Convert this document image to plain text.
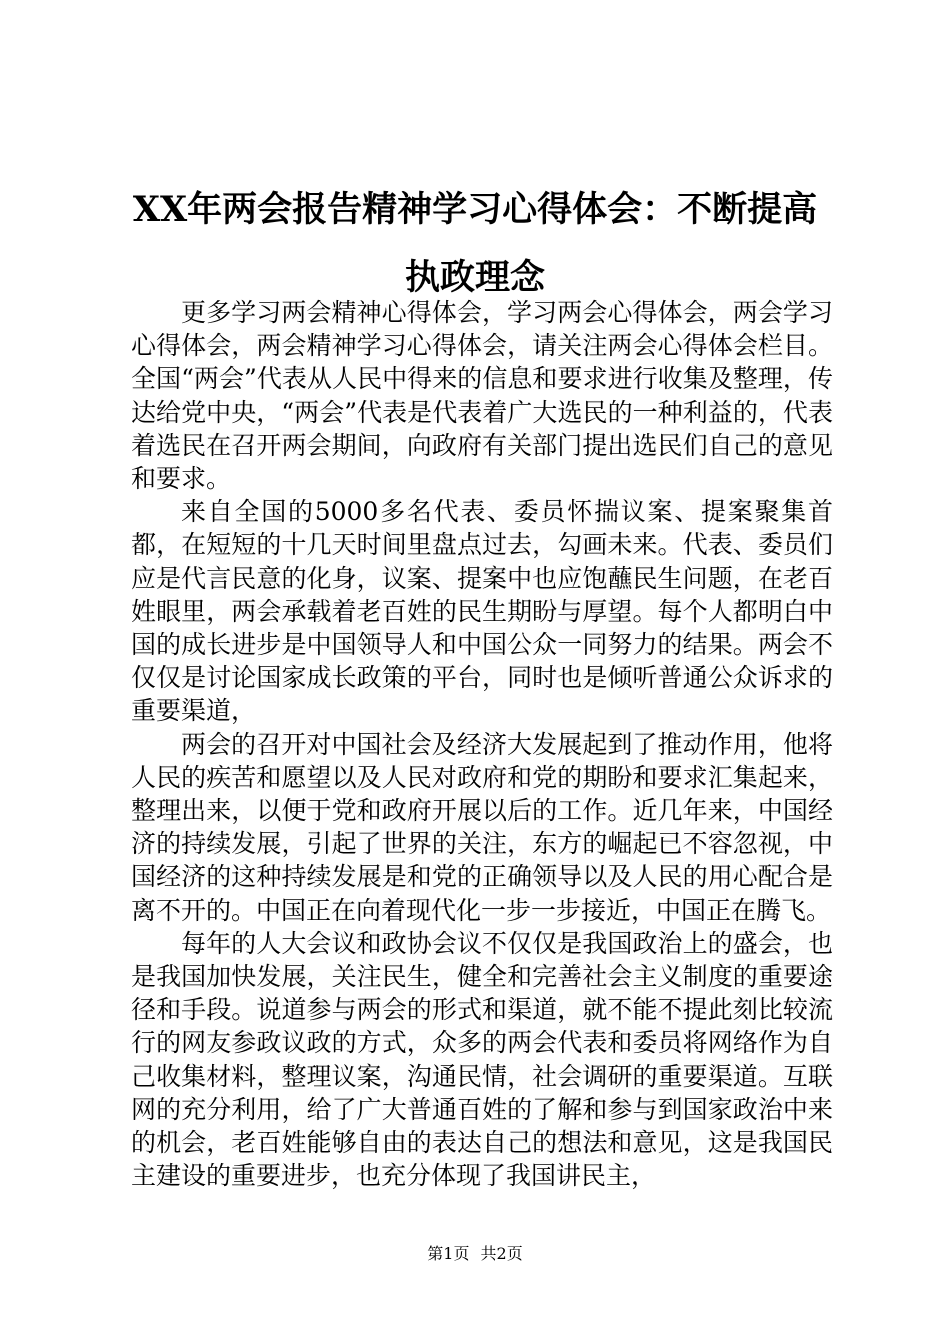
XX年两会报告精神学习心得体会：不断提高执政理念

更多学习两会精神心得体会，学习两会心得体会，两会学习心得体会，两会精神学习心得体会，请关注两会心得体会栏目。全国“两会”代表从人民中得来的信息和要求进行收集及整理，传达给党中央，“两会”代表是代表着广大选民的一种利益的，代表着选民在召开两会期间，向政府有关部门提出选民们自己的意见和要求。

来自全国的5000多名代表、委员怀揣议案、提案聚集首都，在短短的十几天时间里盘点过去，勾画未来。代表、委员们应是代言民意的化身，议案、提案中也应饱蘸民生问题，在老百姓眼里，两会承载着老百姓的民生期盼与厚望。每个人都明白中国的成长进步是中国领导人和中国公众一同努力的结果。两会不仅仅是讨论国家成长政策的平台，同时也是倾听普通公众诉求的重要渠道，

两会的召开对中国社会及经济大发展起到了推动作用，他将人民的疾苦和愿望以及人民对政府和党的期盼和要求汇集起来，整理出来，以便于党和政府开展以后的工作。近几年来，中国经济的持续发展，引起了世界的关注，东方的崛起已不容忽视，中国经济的这种持续发展是和党的正确领导以及人民的用心配合是离不开的。中国正在向着现代化一步一步接近，中国正在腾飞。

每年的人大会议和政协会议不仅仅是我国政治上的盛会，也是我国加快发展，关注民生，健全和完善社会主义制度的重要途径和手段。说道参与两会的形式和渠道，就不能不提此刻比较流行的网友参政议政的方式，众多的两会代表和委员将网络作为自己收集材料，整理议案，沟通民情，社会调研的重要渠道。互联网的充分利用，给了广大普通百姓的了解和参与到国家政治中来的机会，老百姓能够自由的表达自己的想法和意见，这是我国民主建设的重要进步，也充分体现了我国讲民主，

第1页 共2页
